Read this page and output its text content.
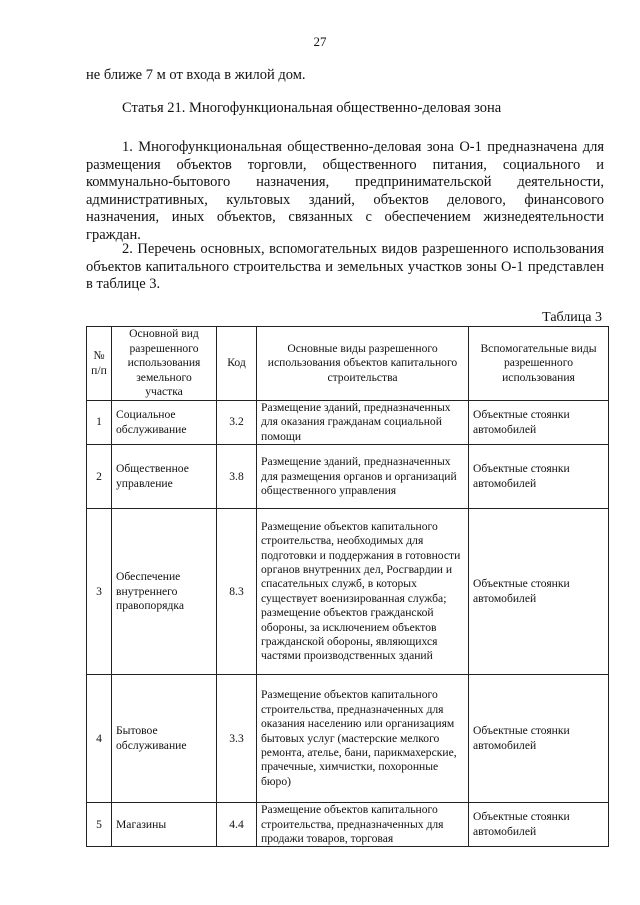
27
не ближе 7 м от входа в жилой дом.
Статья 21. Многофункциональная общественно-деловая зона
1. Многофункциональная общественно-деловая зона О-1 предназначена для размещения объектов торговли, общественного питания, социального и коммунально-бытового назначения, предпринимательской деятельности, административных, культовых зданий, объектов делового, финансового назначения, иных объектов, связанных с обеспечением жизнедеятельности граждан.
2. Перечень основных, вспомогательных видов разрешенного использования объектов капитального строительства и земельных участков зоны О-1 представлен в таблице 3.
Таблица 3
№ п/п	Основной вид разрешенного использования земельного участка	Код	Основные виды разрешенного использования объектов капитального строительства	Вспомогательные виды разрешенного использования
1	Социальное обслуживание	3.2	Размещение зданий, предназначенных для оказания гражданам социальной помощи	Объектные стоянки автомобилей
2	Общественное управление	3.8	Размещение зданий, предназначенных для размещения органов и организаций общественного управления	Объектные стоянки автомобилей
3	Обеспечение внутреннего правопорядка	8.3	Размещение объектов капитального строительства, необходимых для подготовки и поддержания в готовности органов внутренних дел, Росгвардии и спасательных служб, в которых существует военизированная служба; размещение объектов гражданской обороны, за исключением объектов гражданской обороны, являющихся частями производственных зданий	Объектные стоянки автомобилей
4	Бытовое обслуживание	3.3	Размещение объектов капитального строительства, предназначенных для оказания населению или организациям бытовых услуг (мастерские мелкого ремонта, ателье, бани, парикмахерские, прачечные, химчистки, похоронные бюро)	Объектные стоянки автомобилей
5	Магазины	4.4	Размещение объектов капитального строительства, предназначенных для продажи товаров, торговая	Объектные стоянки автомобилей
